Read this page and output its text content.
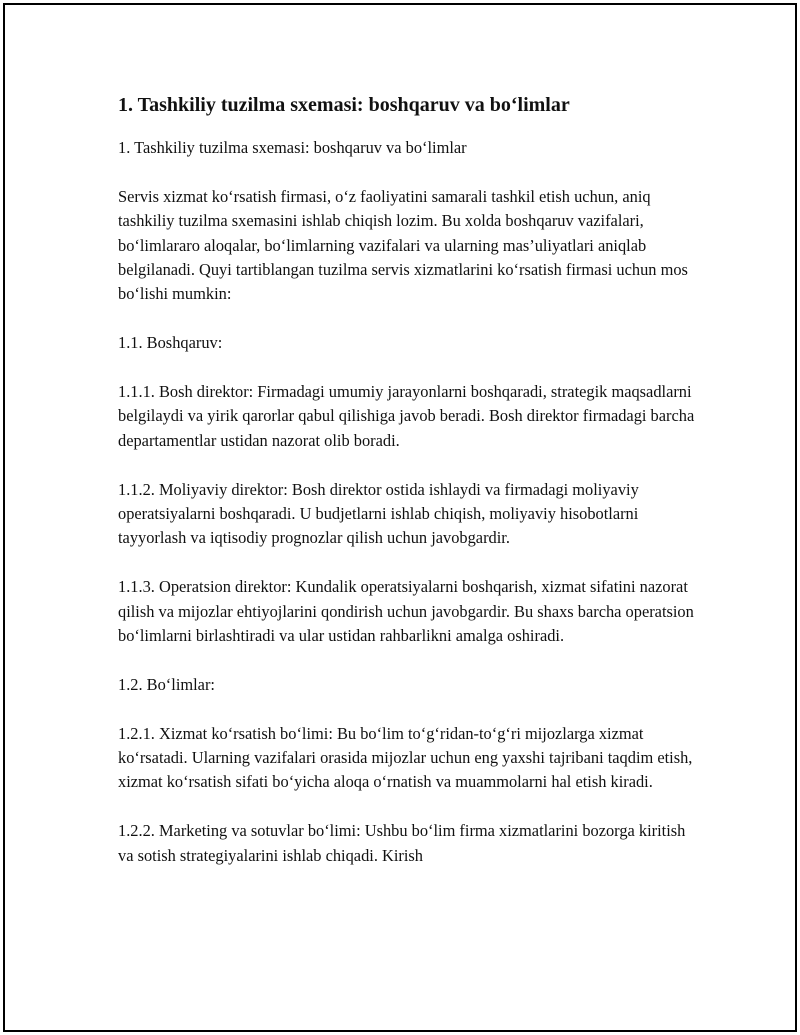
1. Tashkiliy tuzilma sxemasi: boshqaruv va bo‘limlar

1. Tashkiliy tuzilma sxemasi: boshqaruv va bo‘limlar

Servis xizmat ko‘rsatish firmasi, o‘z faoliyatini samarali tashkil etish uchun, aniq tashkiliy tuzilma sxemasini ishlab chiqish lozim. Bu xolda boshqaruv vazifalari, bo‘limlararo aloqalar, bo‘limlarning vazifalari va ularning mas’uliyatlari aniqlab belgilanadi. Quyi tartiblangan tuzilma servis xizmatlarini ko‘rsatish firmasi uchun mos bo‘lishi mumkin:

1.1. Boshqaruv:

1.1.1. Bosh direktor: Firmadagi umumiy jarayonlarni boshqaradi, strategik maqsadlarni belgilaydi va yirik qarorlar qabul qilishiga javob beradi. Bosh direktor firmadagi barcha departamentlar ustidan nazorat olib boradi.

1.1.2. Moliyaviy direktor: Bosh direktor ostida ishlaydi va firmadagi moliyaviy operatsiyalarni boshqaradi. U budjetlarni ishlab chiqish, moliyaviy hisobotlarni tayyorlash va iqtisodiy prognozlar qilish uchun javobgardir.

1.1.3. Operatsion direktor: Kundalik operatsiyalarni boshqarish, xizmat sifatini nazorat qilish va mijozlar ehtiyojlarini qondirish uchun javobgardir. Bu shaxs barcha operatsion bo‘limlarni birlashtiradi va ular ustidan rahbarlikni amalga oshiradi.

1.2. Bo‘limlar:

1.2.1. Xizmat ko‘rsatish bo‘limi: Bu bo‘lim to‘g‘ridan-to‘g‘ri mijozlarga xizmat ko‘rsatadi. Ularning vazifalari orasida mijozlar uchun eng yaxshi tajribani taqdim etish, xizmat ko‘rsatish sifati bo‘yicha aloqa o‘rnatish va muammolarni hal etish kiradi.

1.2.2. Marketing va sotuvlar bo‘limi: Ushbu bo‘lim firma xizmatlarini bozorga kiritish va sotish strategiyalarini ishlab chiqadi. Kirish
